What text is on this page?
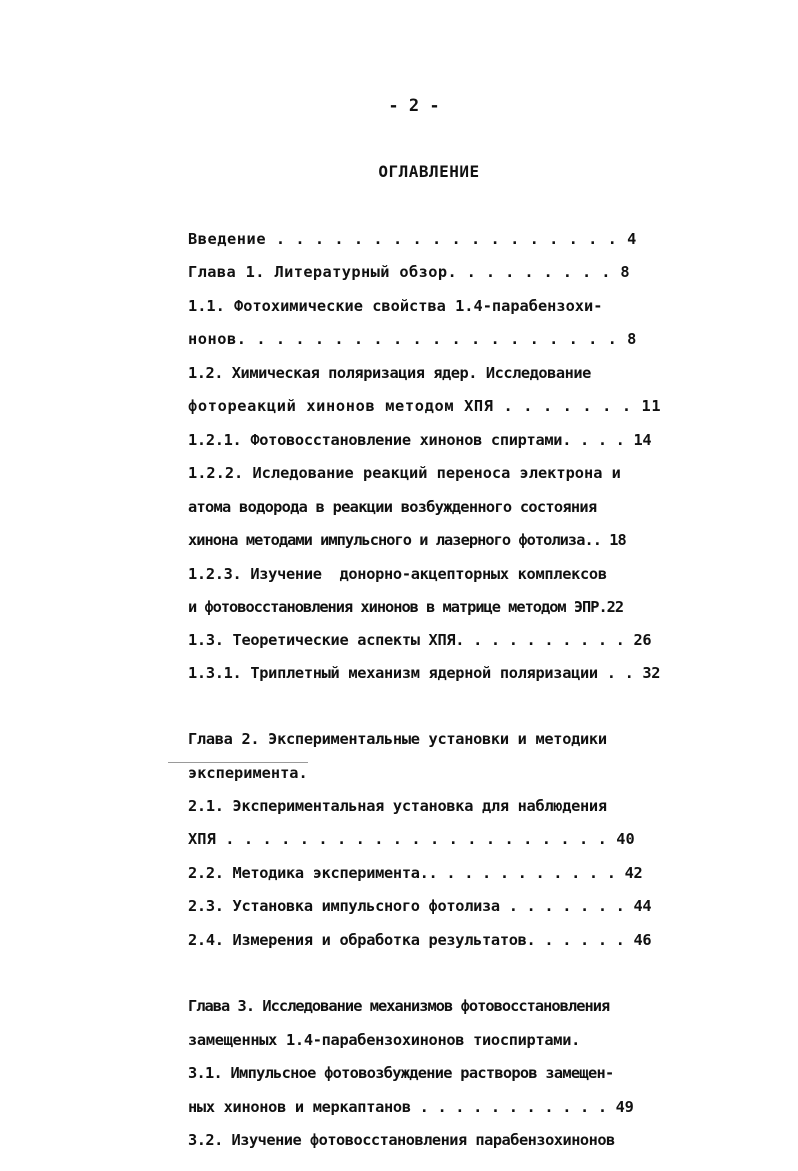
- 2 -
ОГЛАВЛЕНИЕ
Введение . . . . . . . . . . . . . . . . . . 4
Глава 1. Литературный обзор. . . . . . . . . 8
1.1. Фотохимические свойства 1.4-парабензохи-
нонов. . . . . . . . . . . . . . . . . . . . 8
1.2. Химическая поляризация ядер. Исследование
фотореакций хинонов методом ХПЯ . . . . . . . 11
1.2.1. Фотовосстановление хинонов спиртами. . . . 14
1.2.2. Иследование реакций переноса электрона и
атома водорода в реакции возбужденного состояния
хинона методами импульсного и лазерного фотолиза.. 18
1.2.3. Изучение  донорно-акцепторных комплексов
и фотовосстановления хинонов в матрице методом ЭПР.22
1.3. Теоретические аспекты ХПЯ. . . . . . . . . . 26
1.3.1. Триплетный механизм ядерной поляризации . . 32
Глава 2. Экспериментальные установки и методики
эксперимента.
2.1. Экспериментальная установка для наблюдения
ХПЯ . . . . . . . . . . . . . . . . . . . . . 40
2.2. Методика эксперимента.. . . . . . . . . . . 42
2.3. Установка импульсного фотолиза . . . . . . . 44
2.4. Измерения и обработка результатов. . . . . . 46
Глава 3. Исследование механизмов фотовосстановления
замещенных 1.4-парабензохинонов тиоспиртами.
3.1. Импульсное фотовозбуждение растворов замещен-
ных хинонов и меркаптанов . . . . . . . . . . . 49
3.2. Изучение фотовосстановления парабензохинонов
